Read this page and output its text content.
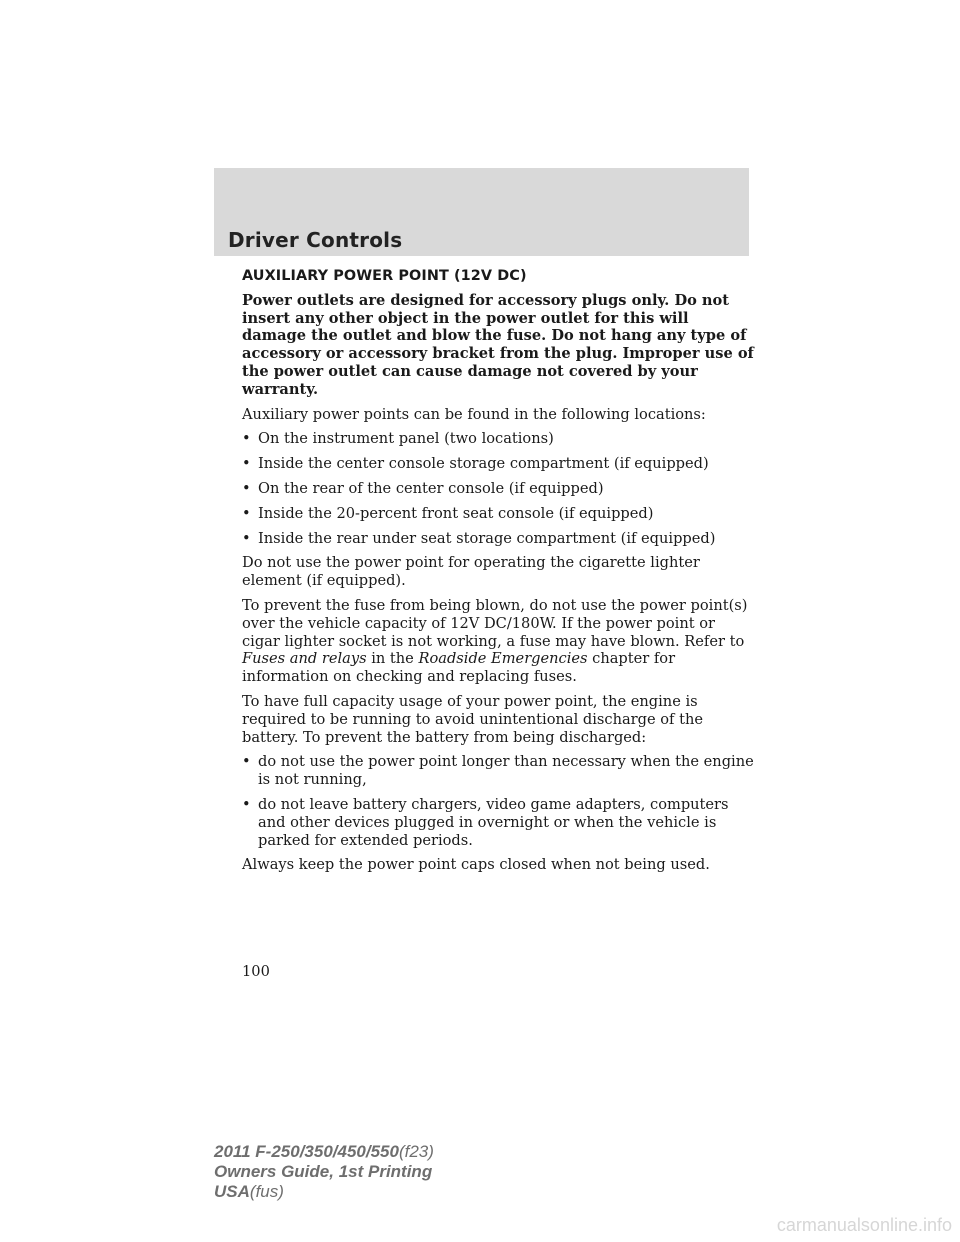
Driver Controls
AUXILIARY POWER POINT (12V DC)

Power outlets are designed for accessory plugs only. Do not insert any other object in the power outlet for this will damage the outlet and blow the fuse. Do not hang any type of accessory or accessory bracket from the plug. Improper use of the power outlet can cause damage not covered by your warranty.

Auxiliary power points can be found in the following locations:

• On the instrument panel (two locations)
• Inside the center console storage compartment (if equipped)
• On the rear of the center console (if equipped)
• Inside the 20-percent front seat console (if equipped)
• Inside the rear under seat storage compartment (if equipped)

Do not use the power point for operating the cigarette lighter element (if equipped).

To prevent the fuse from being blown, do not use the power point(s) over the vehicle capacity of 12V DC/180W. If the power point or cigar lighter socket is not working, a fuse may have blown. Refer to Fuses and relays in the Roadside Emergencies chapter for information on checking and replacing fuses.

To have full capacity usage of your power point, the engine is required to be running to avoid unintentional discharge of the battery. To prevent the battery from being discharged:

• do not use the power point longer than necessary when the engine is not running,
• do not leave battery chargers, video game adapters, computers and other devices plugged in overnight or when the vehicle is parked for extended periods.

Always keep the power point caps closed when not being used.

100
2011 F-250/350/450/550(f23)
Owners Guide, 1st Printing
USA(fus)
carmanualsonline.info
